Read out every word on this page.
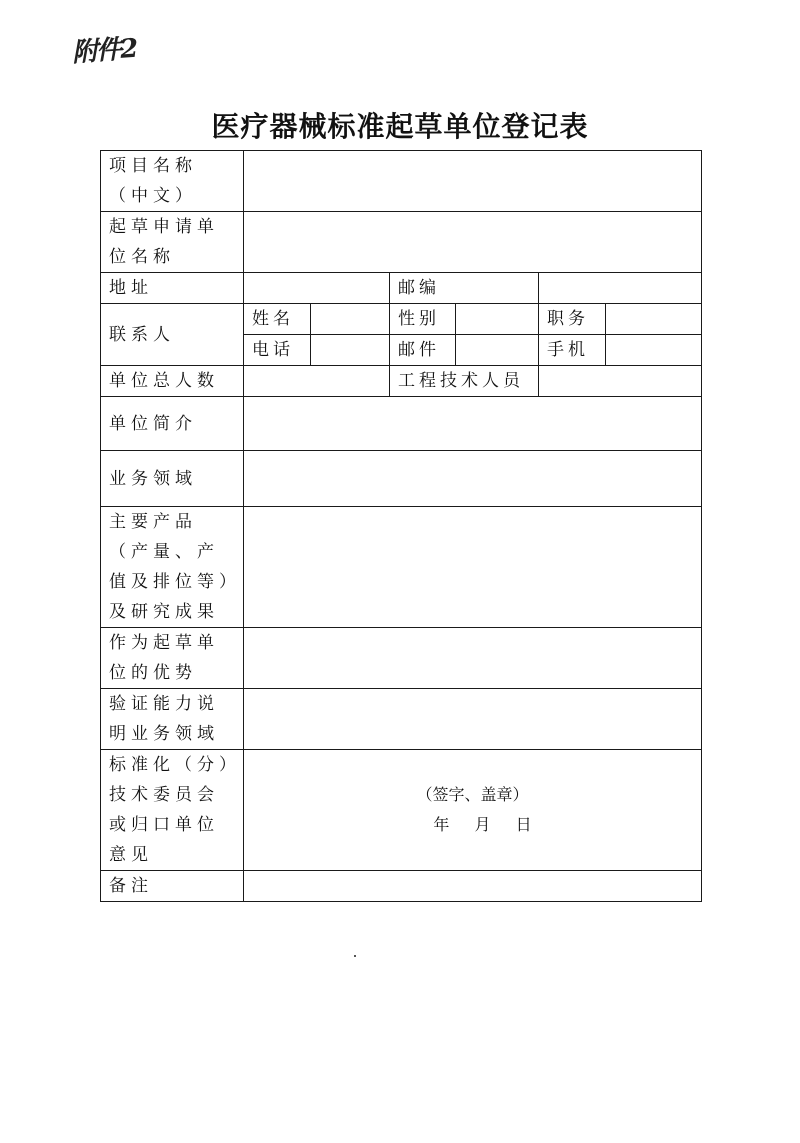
附件2
医疗器械标准起草单位登记表
项目名称（中文）						
起草申请单位名称						
地址			邮编			
联系人	姓名		性别		职务	
	电话		邮件		手机	
单位总人数			工程技术人员			
单位简介						
业务领域						
主要产品（产量、产值及排位等）及研究成果						
作为起草单位的优势						
验证能力说明业务领域						
标准化（分）技术委员会或归口单位意见	（签字、盖章）
年 月 日					

备注						
